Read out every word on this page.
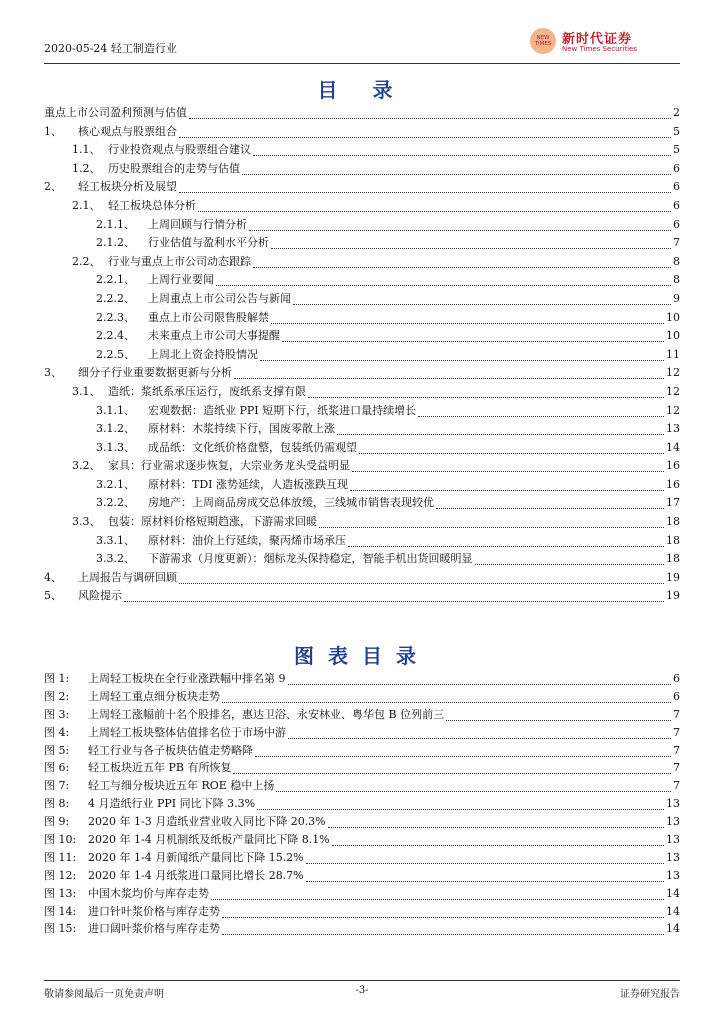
2020-05-24 轻工制造行业
NEW TIMES 新时代证券
New Times Securities
目 录
重点上市公司盈利预测与估值	2
1、 核心观点与股票组合	5
1.1、 行业投资观点与股票组合建议	5
1.2、 历史股票组合的走势与估值	6
2、 轻工板块分析及展望	6
2.1、 轻工板块总体分析	6
2.1.1、 上周回顾与行情分析	6
2.1.2、 行业估值与盈利水平分析	7
2.2、 行业与重点上市公司动态跟踪	8
2.2.1、 上周行业要闻	8
2.2.2、 上周重点上市公司公告与新闻	9
2.2.3、 重点上市公司限售股解禁	10
2.2.4、 未来重点上市公司大事提醒	10
2.2.5、 上周北上资金持股情况	11
3、 细分子行业重要数据更新与分析	12
3.1、 造纸：浆纸系承压运行，废纸系支撑有限	12
3.1.1、 宏观数据：造纸业 PPI 短期下行，纸浆进口量持续增长	12
3.1.2、 原材料：木浆持续下行，国废零散上涨	13
3.1.3、 成品纸：文化纸价格盘整，包装纸仍需观望	14
3.2、 家具：行业需求逐步恢复，大宗业务龙头受益明显	16
3.2.1、 原材料：TDI 涨势延续，人造板涨跌互现	16
3.2.2、 房地产：上周商品房成交总体放缓，三线城市销售表现较优	17
3.3、 包装：原材料价格短期趋涨，下游需求回暖	18
3.3.1、 原材料：油价上行延续，聚丙烯市场承压	18
3.3.2、 下游需求（月度更新）：烟标龙头保持稳定，智能手机出货回暖明显	18
4、 上周报告与调研回顾	19
5、 风险提示	19
图表目录
图 1: 上周轻工板块在全行业涨跌幅中排名第 9	6
图 2: 上周轻工重点细分板块走势	6
图 3: 上周轻工涨幅前十名个股排名，惠达卫浴、永安林业、粤华包 B 位列前三	7
图 4: 上周轻工板块整体估值排名位于市场中游	7
图 5: 轻工行业与各子板块估值走势略降	7
图 6: 轻工板块近五年 PB 有所恢复	7
图 7: 轻工与细分板块近五年 ROE 稳中上扬	7
图 8: 4 月造纸行业 PPI 同比下降 3.3%	13
图 9: 2020 年 1-3 月造纸业营业收入同比下降 20.3%	13
图 10: 2020 年 1-4 月机制纸及纸板产量同比下降 8.1%	13
图 11: 2020 年 1-4 月新闻纸产量同比下降 15.2%	13
图 12: 2020 年 1-4 月纸浆进口量同比增长 28.7%	13
图 13: 中国木浆均价与库存走势	14
图 14: 进口针叶浆价格与库存走势	14
图 15: 进口阔叶浆价格与库存走势	14
敬请参阅最后一页免责声明	-3-	证券研究报告
